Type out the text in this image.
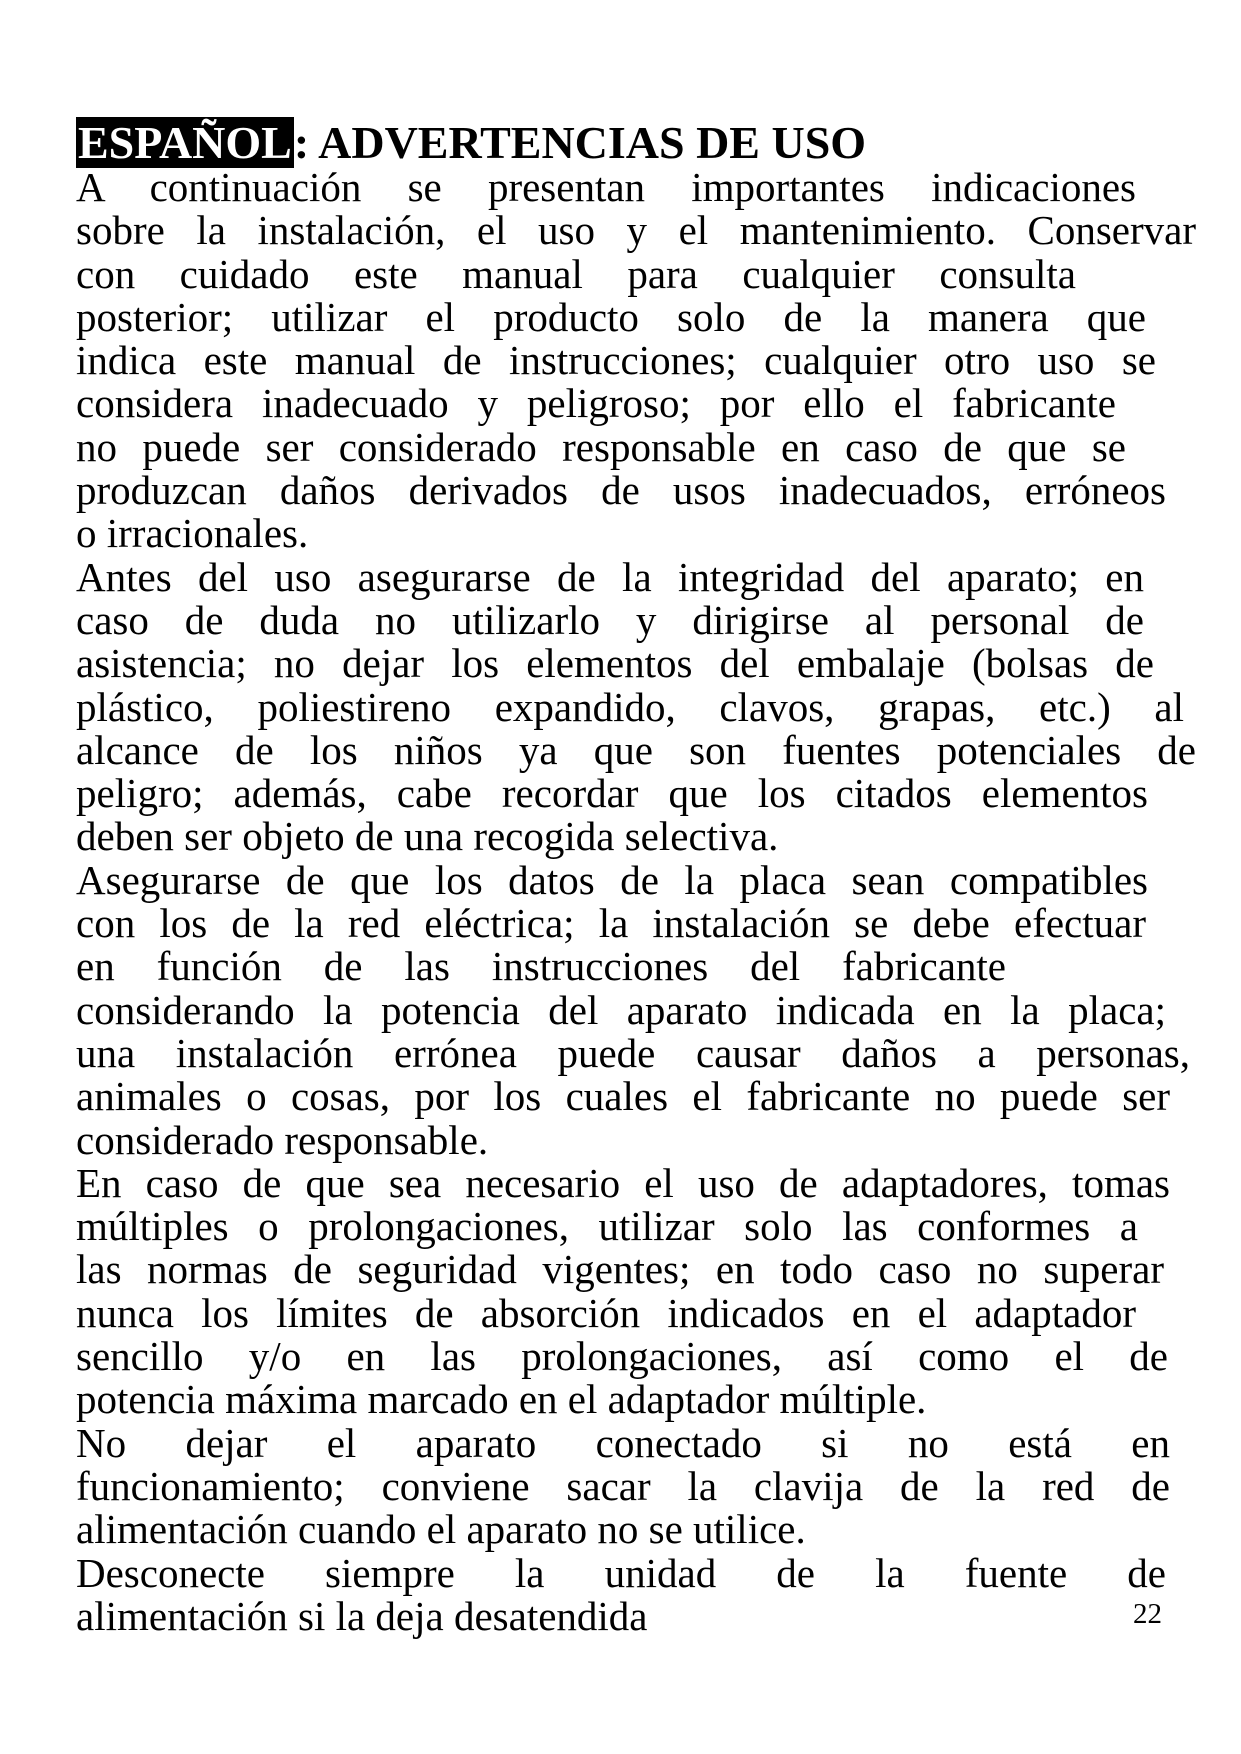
ESPAÑOL: ADVERTENCIAS DE USO
A continuación se presentan importantes indicaciones
sobre la instalación, el uso y el mantenimiento. Conservar
con cuidado este manual para cualquier consulta
posterior; utilizar el producto solo de la manera que
indica este manual de instrucciones; cualquier otro uso se
considera inadecuado y peligroso; por ello el fabricante
no puede ser considerado responsable en caso de que se
produzcan daños derivados de usos inadecuados, erróneos
o irracionales.
Antes del uso asegurarse de la integridad del aparato; en
caso de duda no utilizarlo y dirigirse al personal de
asistencia; no dejar los elementos del embalaje (bolsas de
plástico, poliestireno expandido, clavos, grapas, etc.) al
alcance de los niños ya que son fuentes potenciales de
peligro; además, cabe recordar que los citados elementos
deben ser objeto de una recogida selectiva.
Asegurarse de que los datos de la placa sean compatibles
con los de la red eléctrica; la instalación se debe efectuar
en función de las instrucciones del fabricante
considerando la potencia del aparato indicada en la placa;
una instalación errónea puede causar daños a personas,
animales o cosas, por los cuales el fabricante no puede ser
considerado responsable.
En caso de que sea necesario el uso de adaptadores, tomas
múltiples o prolongaciones, utilizar solo las conformes a
las normas de seguridad vigentes; en todo caso no superar
nunca los límites de absorción indicados en el adaptador
sencillo y/o en las prolongaciones, así como el de
potencia máxima marcado en el adaptador múltiple.
No dejar el aparato conectado si no está en
funcionamiento; conviene sacar la clavija de la red de
alimentación cuando el aparato no se utilice.
Desconecte siempre la unidad de la fuente de
alimentación si la deja desatendida	22
